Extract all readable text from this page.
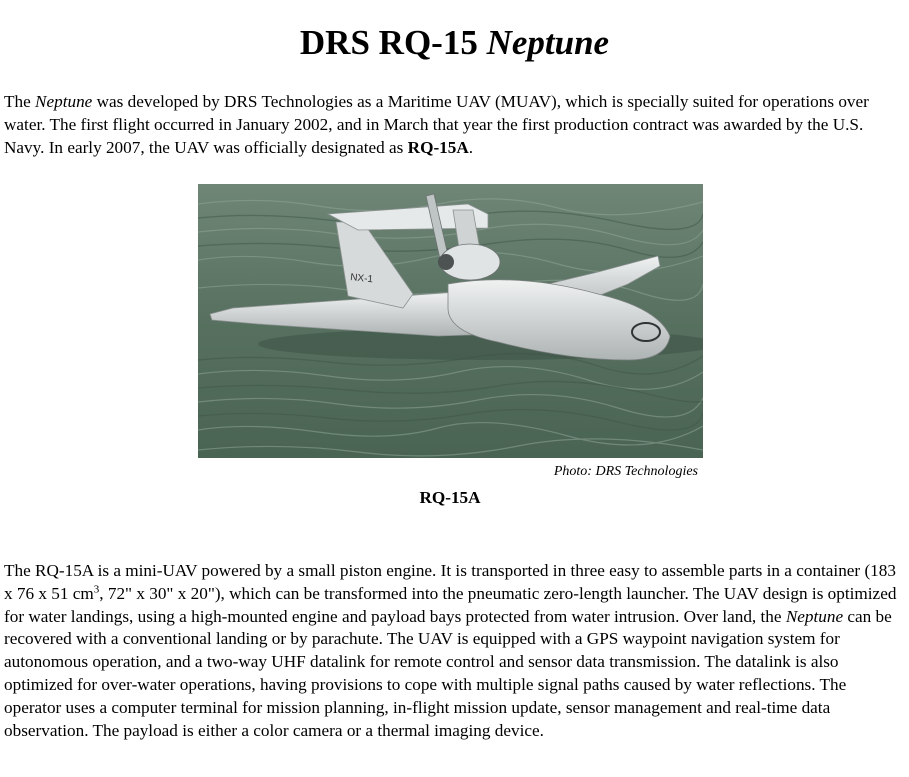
DRS RQ-15 Neptune

The Neptune was developed by DRS Technologies as a Maritime UAV (MUAV), which is specially suited for operations over water. The first flight occurred in January 2002, and in March that year the first production contract was awarded by the U.S. Navy. In early 2007, the UAV was officially designated as RQ-15A.

NX-1

Photo: DRS Technologies

RQ-15A

The RQ-15A is a mini-UAV powered by a small piston engine. It is transported in three easy to assemble parts in a container (183 x 76 x 51 $cm^3$, 72" x 30" x 20"), which can be transformed into the pneumatic zero-length launcher. The UAV design is optimized for water landings, using a high-mounted engine and payload bays protected from water intrusion. Over land, the Neptune can be recovered with a conventional landing or by parachute. The UAV is equipped with a GPS waypoint navigation system for autonomous operation, and a two-way UHF datalink for remote control and sensor data transmission. The datalink is also optimized for over-water operations, having provisions to cope with multiple signal paths caused by water reflections. The operator uses a computer terminal for mission planning, in-flight mission update, sensor management and real-time data observation. The payload is either a color camera or a thermal imaging device.
